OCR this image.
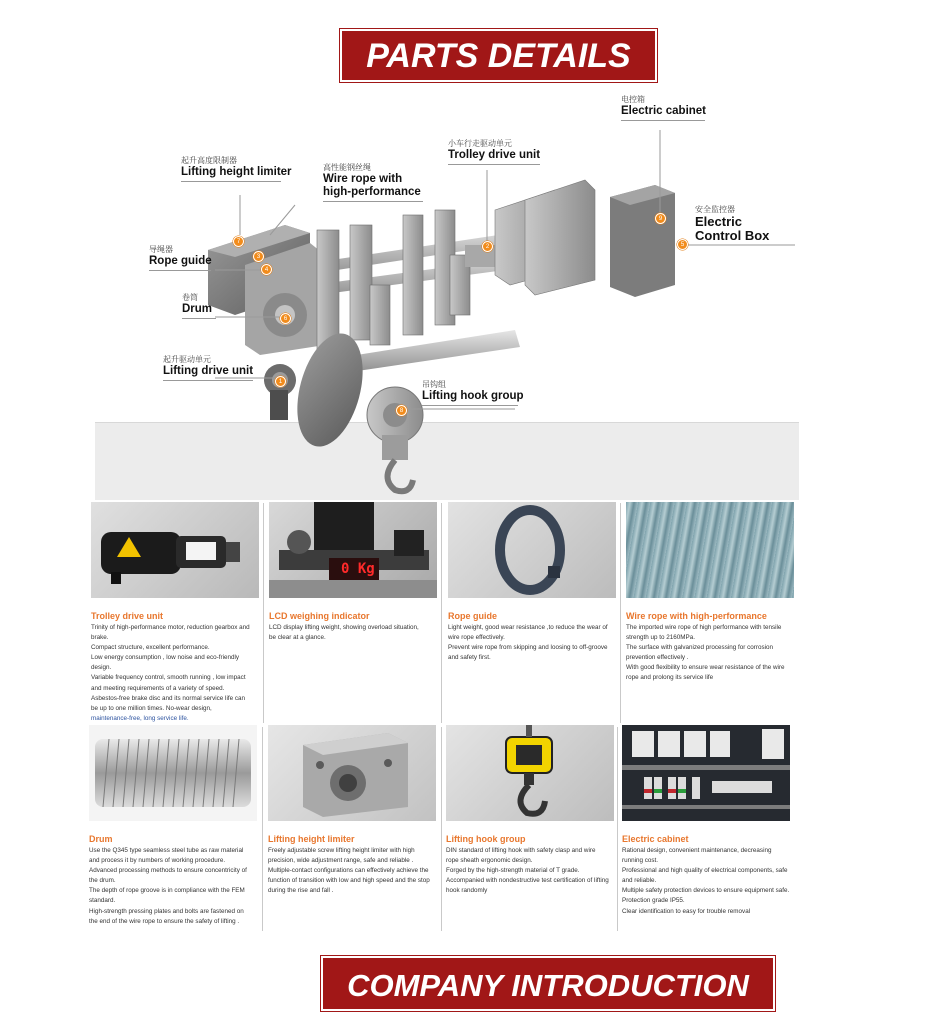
PARTS DETAILS
起升高度限制器
Lifting height limiter	高性能钢丝绳
Wire rope with
high-performance
小车行走驱动单元
Trolley drive unit
电控箱
Electric cabinet
安全监控器
Electric
Control Box
导绳器
Rope guide
卷筒
Drum
起升驱动单元
Lifting drive unit
吊钩组
Lifting hook group
7
3
4
6
1
8
2
9
5
Trolley drive unit
Trinity of high-performance motor, reduction gearbox and
brake.
Compact structure, excellent performance.
Low energy consumption , low noise and eco-friendly
design.
Variable frequency control, smooth running , low impact
and meeting requirements of a variety of speed.
Asbestos-free brake disc and its normal service life can
be up to one million times. No-wear design,
maintenance-free, long service life.
0 Kg
LCD weighing indicator
LCD display lifting weight, showing overload situation,
be clear at a glance.
Rope guide
Light weight, good wear resistance ,to reduce the wear of
wire rope effectively.
Prevent wire rope from skipping and loosing to off-groove
and safety first.
Wire rope with high-performance
The imported wire rope of high performance with tensile
strength up to 2160MPa.
The surface with galvanized processing for corrosion
prevention effectively .
With good flexibility to ensure wear resistance of the wire
rope and prolong its service life
Drum
Use the Q345 type seamless steel tube as raw material
and process it by numbers of working procedure.
Advanced processing methods to ensure concentricity of
the drum.
The depth of rope groove is in compliance with the FEM
standard.
High-strength pressing plates and bolts are fastened on
the end of the wire rope to ensure the safety of lifting .
Lifting height limiter
Freely adjustable screw lifting height limiter with high
precision, wide adjustment range, safe and reliable .
Multiple-contact configurations can effectively achieve the
function of transition with low and high speed and the stop
during the rise and fall .
Lifting hook group
DIN standard of lifting hook with safety clasp and wire
rope sheath ergonomic design.
Forged by the high-strength material of T grade.
Accompanied with nondestructive test certification of lifting
hook randomly
Electric cabinet
Rational design, convenient maintenance, decreasing
running cost.
Professional and high quality of electrical components, safe
and reliable.
Multiple safety protection devices to ensure equipment safe.
Protection grade IP55.
Clear identification to easy for trouble removal
COMPANY INTRODUCTION
